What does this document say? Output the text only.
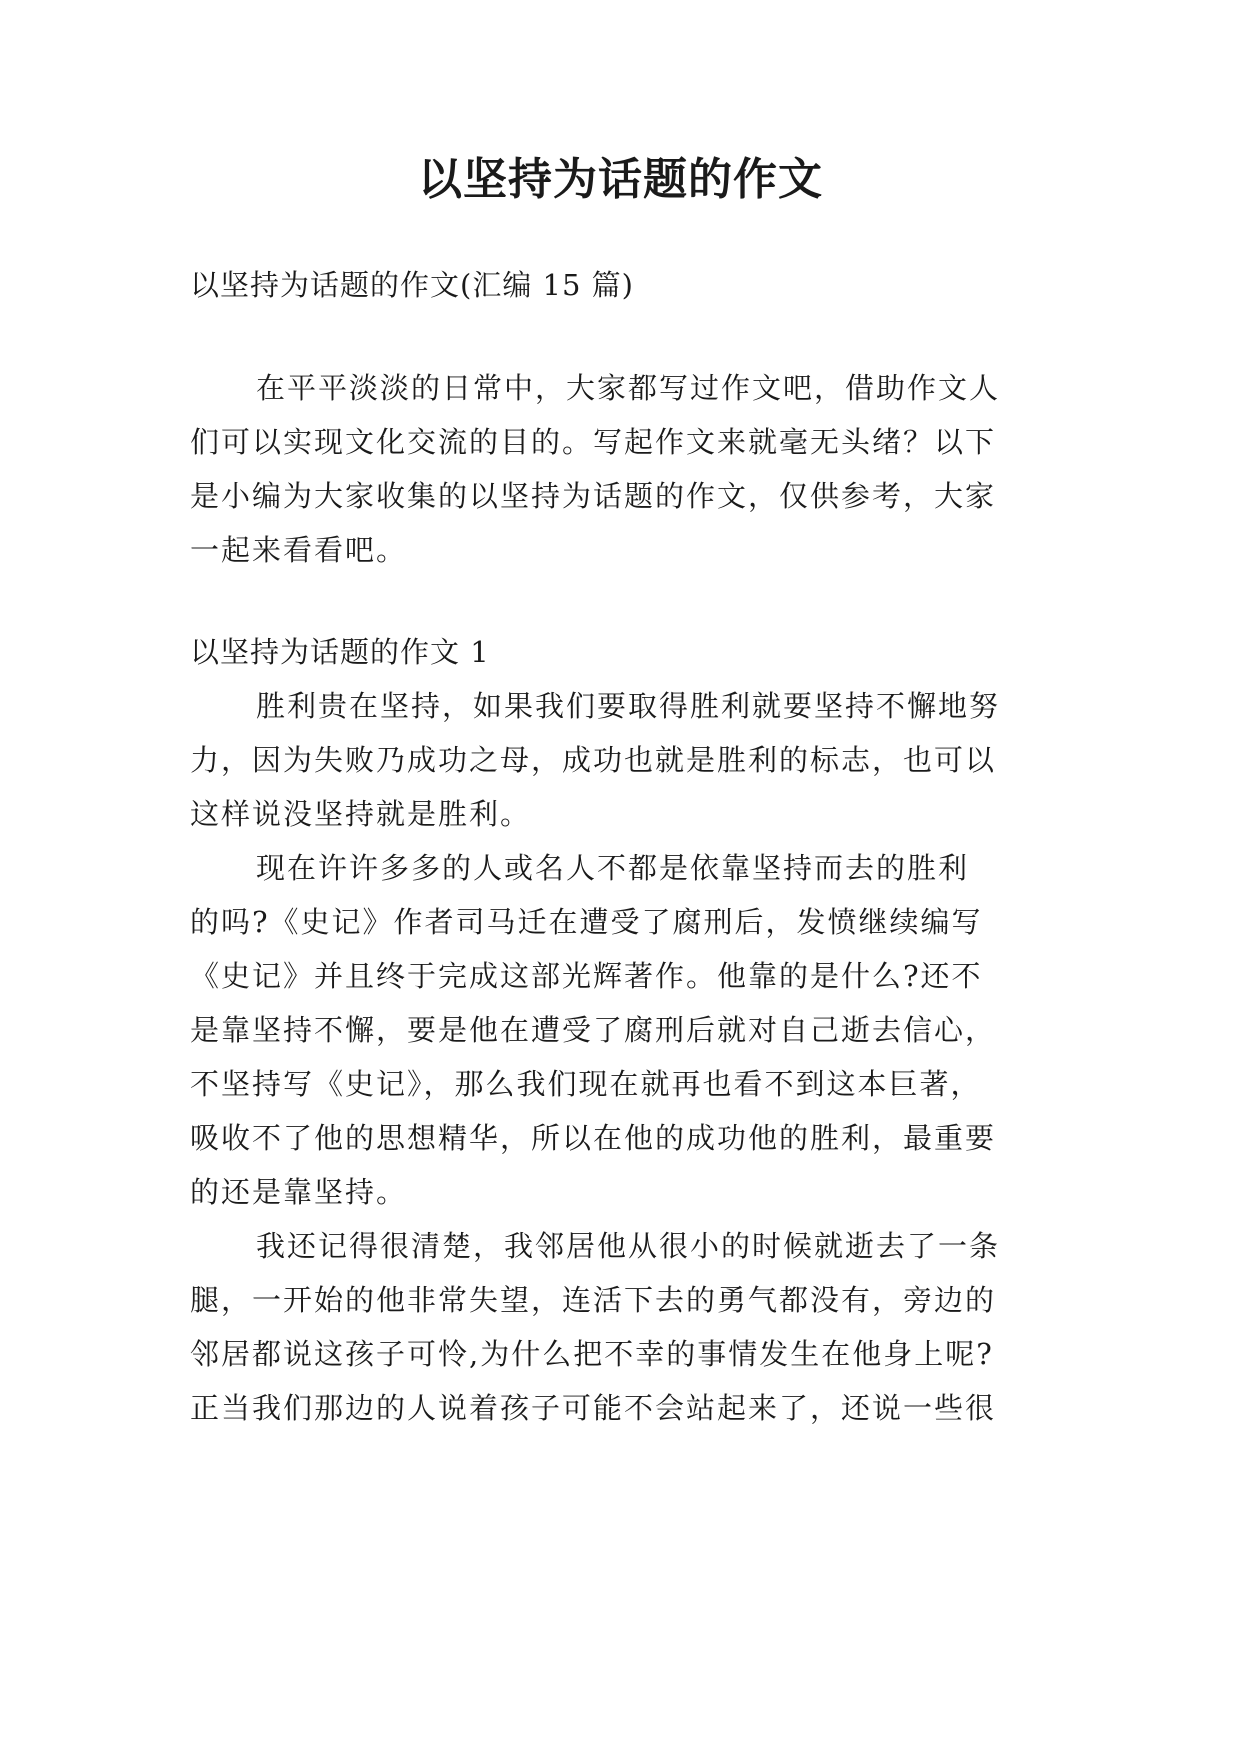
以坚持为话题的作文
以坚持为话题的作文(汇编 15 篇)
在平平淡淡的日常中，大家都写过作文吧，借助作文人
们可以实现文化交流的目的。写起作文来就毫无头绪？以下
是小编为大家收集的以坚持为话题的作文，仅供参考，大家
一起来看看吧。
以坚持为话题的作文 1
胜利贵在坚持，如果我们要取得胜利就要坚持不懈地努
力，因为失败乃成功之母，成功也就是胜利的标志，也可以
这样说没坚持就是胜利。
现在许许多多的人或名人不都是依靠坚持而去的胜利
的吗?《史记》作者司马迁在遭受了腐刑后，发愤继续编写
《史记》并且终于完成这部光辉著作。他靠的是什么?还不
是靠坚持不懈，要是他在遭受了腐刑后就对自己逝去信心，
不坚持写《史记》，那么我们现在就再也看不到这本巨著，
吸收不了他的思想精华，所以在他的成功他的胜利，最重要
的还是靠坚持。
我还记得很清楚，我邻居他从很小的时候就逝去了一条
腿，一开始的他非常失望，连活下去的勇气都没有，旁边的
邻居都说这孩子可怜,为什么把不幸的事情发生在他身上呢?
正当我们那边的人说着孩子可能不会站起来了，还说一些很
